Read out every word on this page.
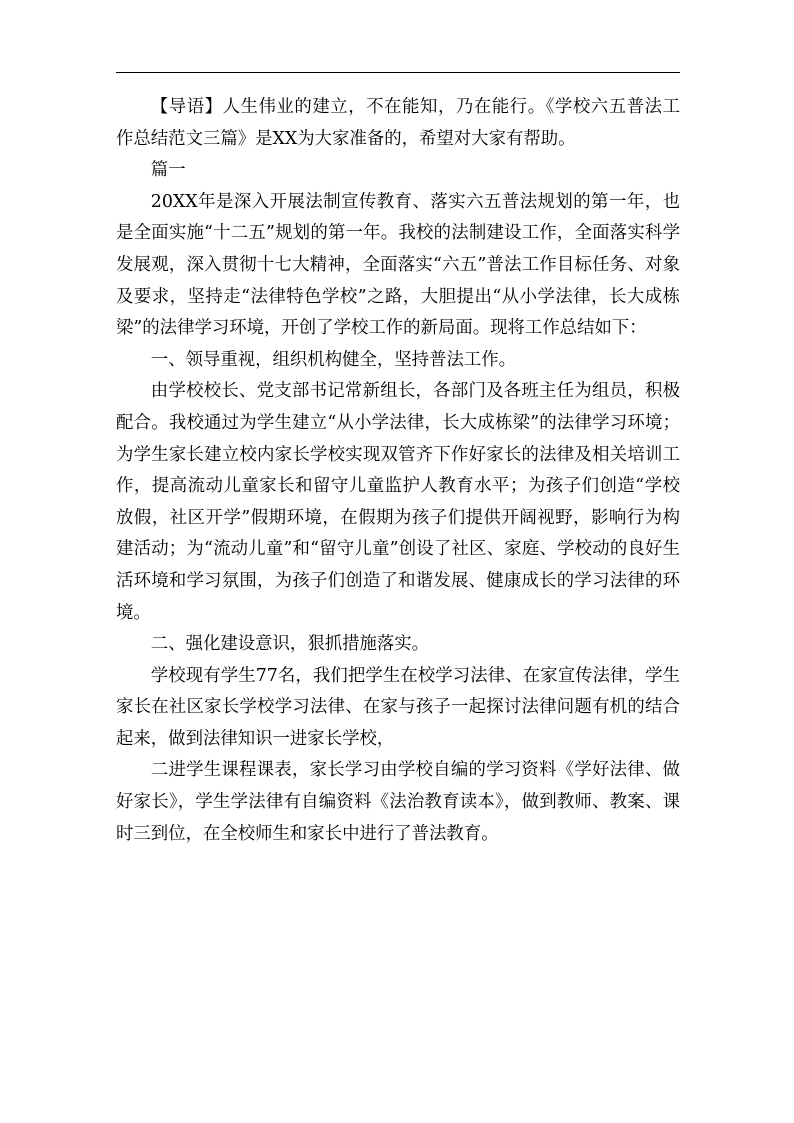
【导语】人生伟业的建立，不在能知，乃在能行。《学校六五普法工作总结范文三篇》是XX为大家准备的，希望对大家有帮助。

篇一

20XX年是深入开展法制宣传教育、落实六五普法规划的第一年，也是全面实施“十二五”规划的第一年。我校的法制建设工作，全面落实科学发展观，深入贯彻十七大精神，全面落实“六五”普法工作目标任务、对象及要求，坚持走“法律特色学校”之路，大胆提出“从小学法律，长大成栋梁”的法律学习环境，开创了学校工作的新局面。现将工作总结如下：

一、领导重视，组织机构健全，坚持普法工作。

由学校校长、党支部书记常新组长，各部门及各班主任为组员，积极配合。我校通过为学生建立“从小学法律，长大成栋梁”的法律学习环境；为学生家长建立校内家长学校实现双管齐下作好家长的法律及相关培训工作，提高流动儿童家长和留守儿童监护人教育水平；为孩子们创造“学校放假，社区开学”假期环境，在假期为孩子们提供开阔视野，影响行为构建活动；为“流动儿童”和“留守儿童”创设了社区、家庭、学校动的良好生活环境和学习氛围，为孩子们创造了和谐发展、健康成长的学习法律的环境。

二、强化建设意识，狠抓措施落实。

学校现有学生77名，我们把学生在校学习法律、在家宣传法律，学生家长在社区家长学校学习法律、在家与孩子一起探讨法律问题有机的结合起来，做到法律知识一进家长学校，

二进学生课程课表，家长学习由学校自编的学习资料《学好法律、做好家长》，学生学法律有自编资料《法治教育读本》，做到教师、教案、课时三到位，在全校师生和家长中进行了普法教育。
